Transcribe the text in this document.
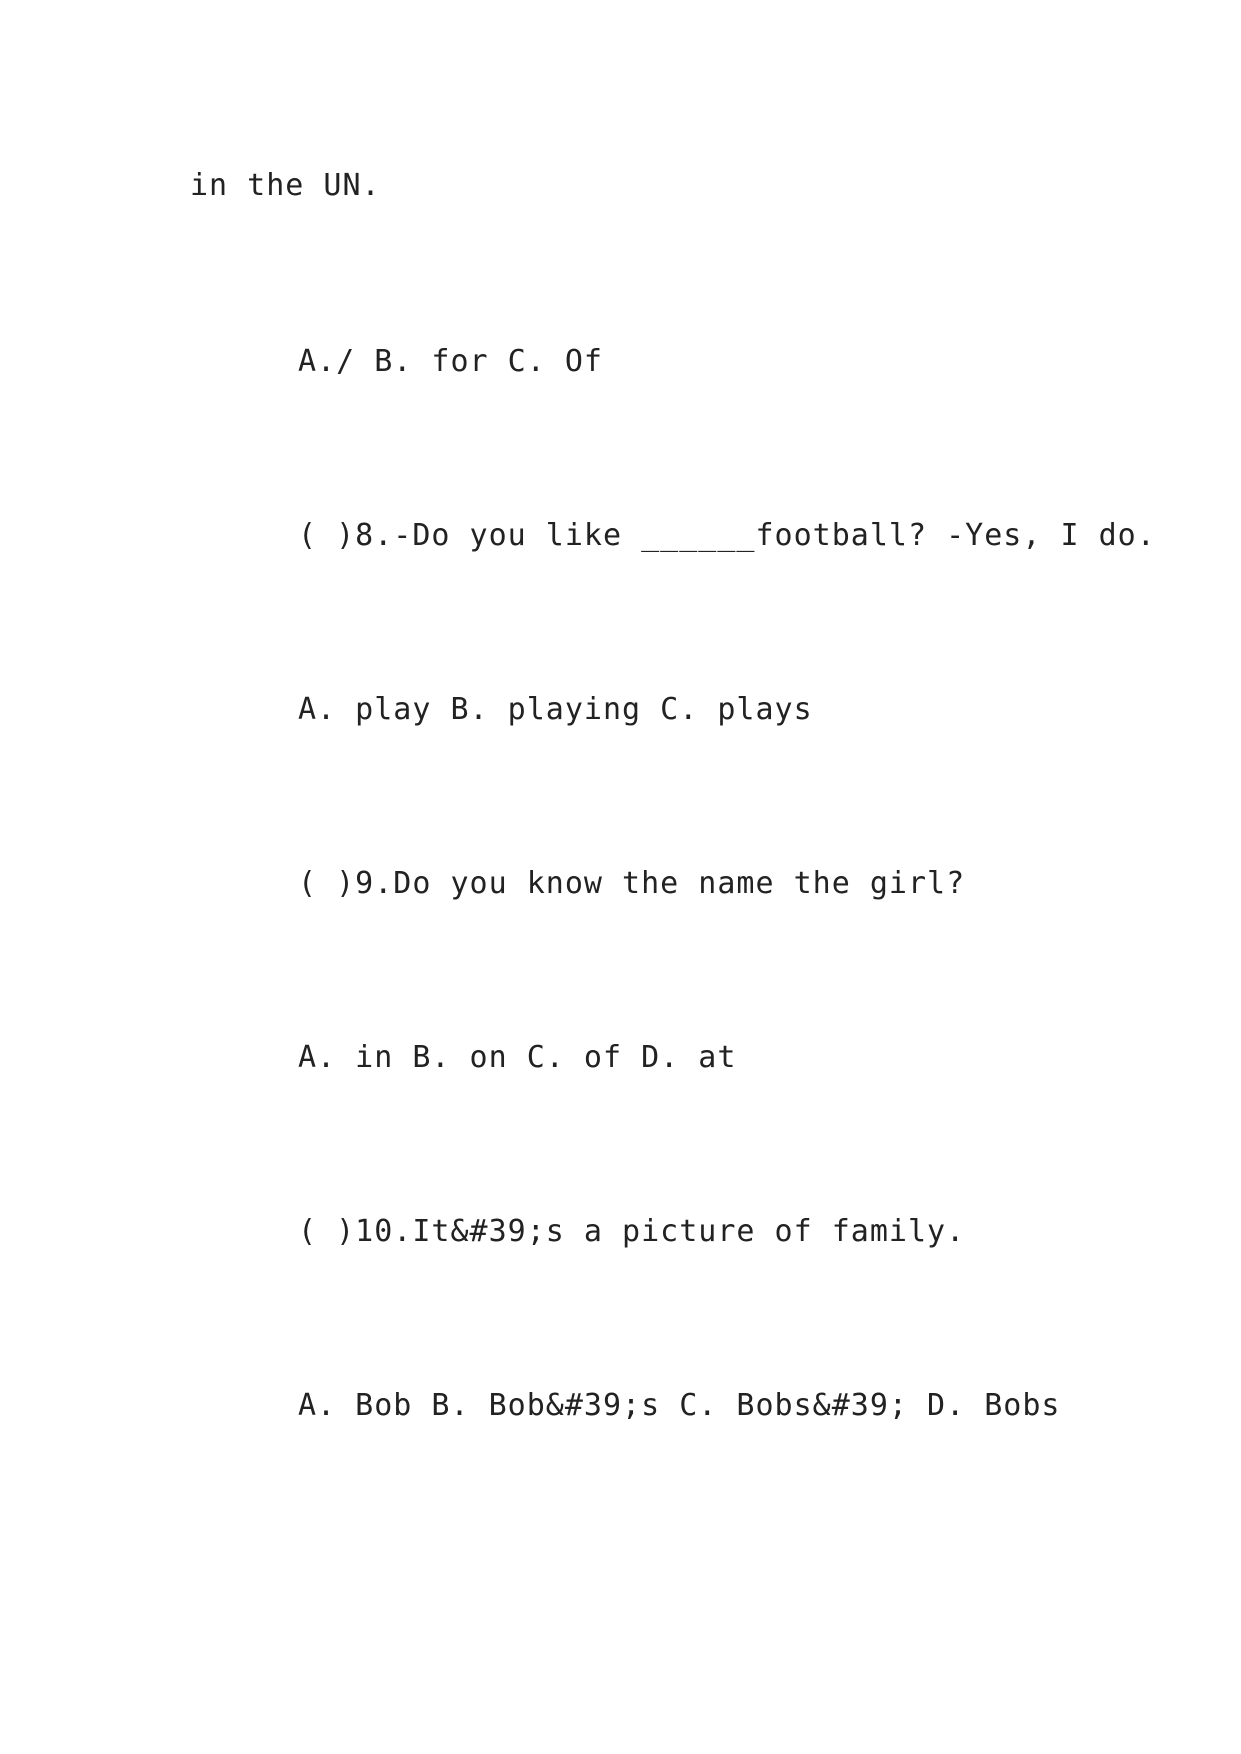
in the UN.
A./ B. for C. Of
( )8.-Do you like ______football? -Yes, I do.
A. play B. playing C. plays
( )9.Do you know the name the girl?
A. in B. on C. of D. at
( )10.It&#39;s a picture of family.
A. Bob B. Bob&#39;s C. Bobs&#39; D. Bobs
